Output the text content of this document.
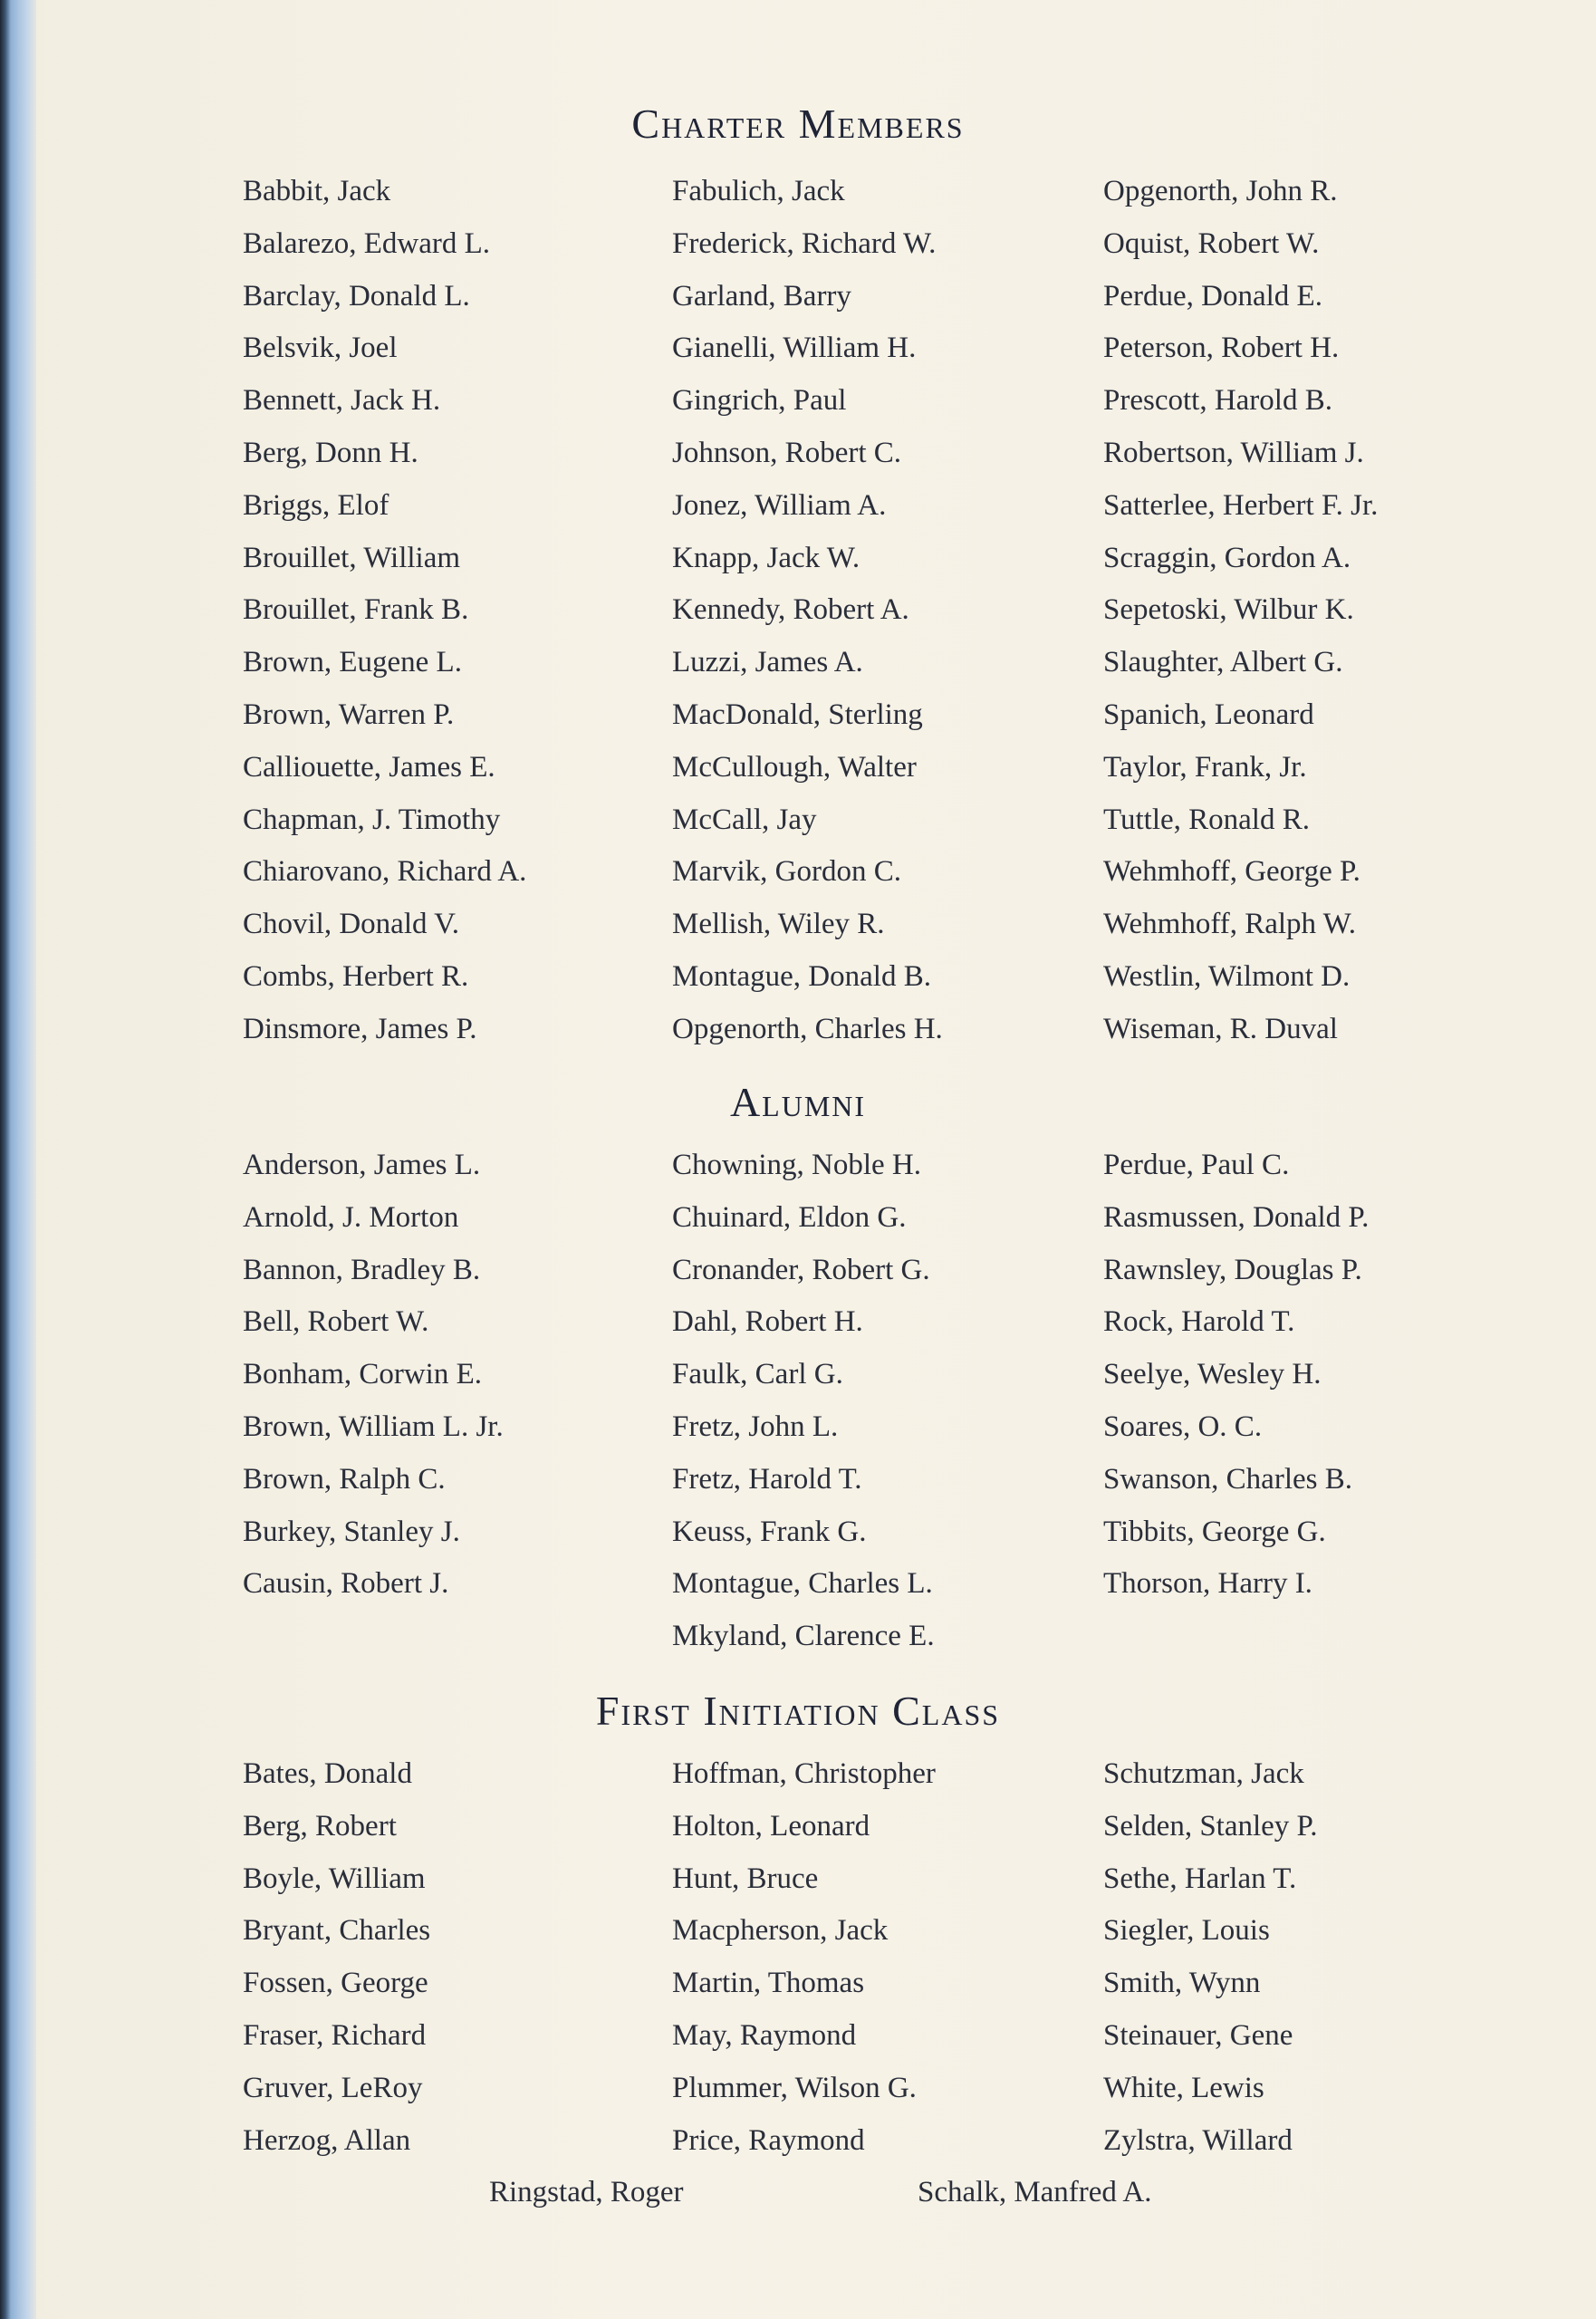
Charter Members
Babbit, Jack
Balarezo, Edward L.
Barclay, Donald L.
Belsvik, Joel
Bennett, Jack H.
Berg, Donn H.
Briggs, Elof
Brouillet, William
Brouillet, Frank B.
Brown, Eugene L.
Brown, Warren P.
Calliouette, James E.
Chapman, J. Timothy
Chiarovano, Richard A.
Chovil, Donald V.
Combs, Herbert R.
Dinsmore, James P.
Fabulich, Jack
Frederick, Richard W.
Garland, Barry
Gianelli, William H.
Gingrich, Paul
Johnson, Robert C.
Jonez, William A.
Knapp, Jack W.
Kennedy, Robert A.
Luzzi, James A.
MacDonald, Sterling
McCullough, Walter
McCall, Jay
Marvik, Gordon C.
Mellish, Wiley R.
Montague, Donald B.
Opgenorth, Charles H.
Opgenorth, John R.
Oquist, Robert W.
Perdue, Donald E.
Peterson, Robert H.
Prescott, Harold B.
Robertson, William J.
Satterlee, Herbert F. Jr.
Scraggin, Gordon A.
Sepetoski, Wilbur K.
Slaughter, Albert G.
Spanich, Leonard
Taylor, Frank, Jr.
Tuttle, Ronald R.
Wehmhoff, George P.
Wehmhoff, Ralph W.
Westlin, Wilmont D.
Wiseman, R. Duval
Alumni
Anderson, James L.
Arnold, J. Morton
Bannon, Bradley B.
Bell, Robert W.
Bonham, Corwin E.
Brown, William L. Jr.
Brown, Ralph C.
Burkey, Stanley J.
Causin, Robert J.
Chowning, Noble H.
Chuinard, Eldon G.
Cronander, Robert G.
Dahl, Robert H.
Faulk, Carl G.
Fretz, John L.
Fretz, Harold T.
Keuss, Frank G.
Montague, Charles L.
Mkyland, Clarence E.
Perdue, Paul C.
Rasmussen, Donald P.
Rawnsley, Douglas P.
Rock, Harold T.
Seelye, Wesley H.
Soares, O. C.
Swanson, Charles B.
Tibbits, George G.
Thorson, Harry I.
First Initiation Class
Bates, Donald
Berg, Robert
Boyle, William
Bryant, Charles
Fossen, George
Fraser, Richard
Gruver, LeRoy
Herzog, Allan
Hoffman, Christopher
Holton, Leonard
Hunt, Bruce
Macpherson, Jack
Martin, Thomas
May, Raymond
Plummer, Wilson G.
Price, Raymond
Schutzman, Jack
Selden, Stanley P.
Sethe, Harlan T.
Siegler, Louis
Smith, Wynn
Steinauer, Gene
White, Lewis
Zylstra, Willard
Ringstad, Roger	Schalk, Manfred A.
